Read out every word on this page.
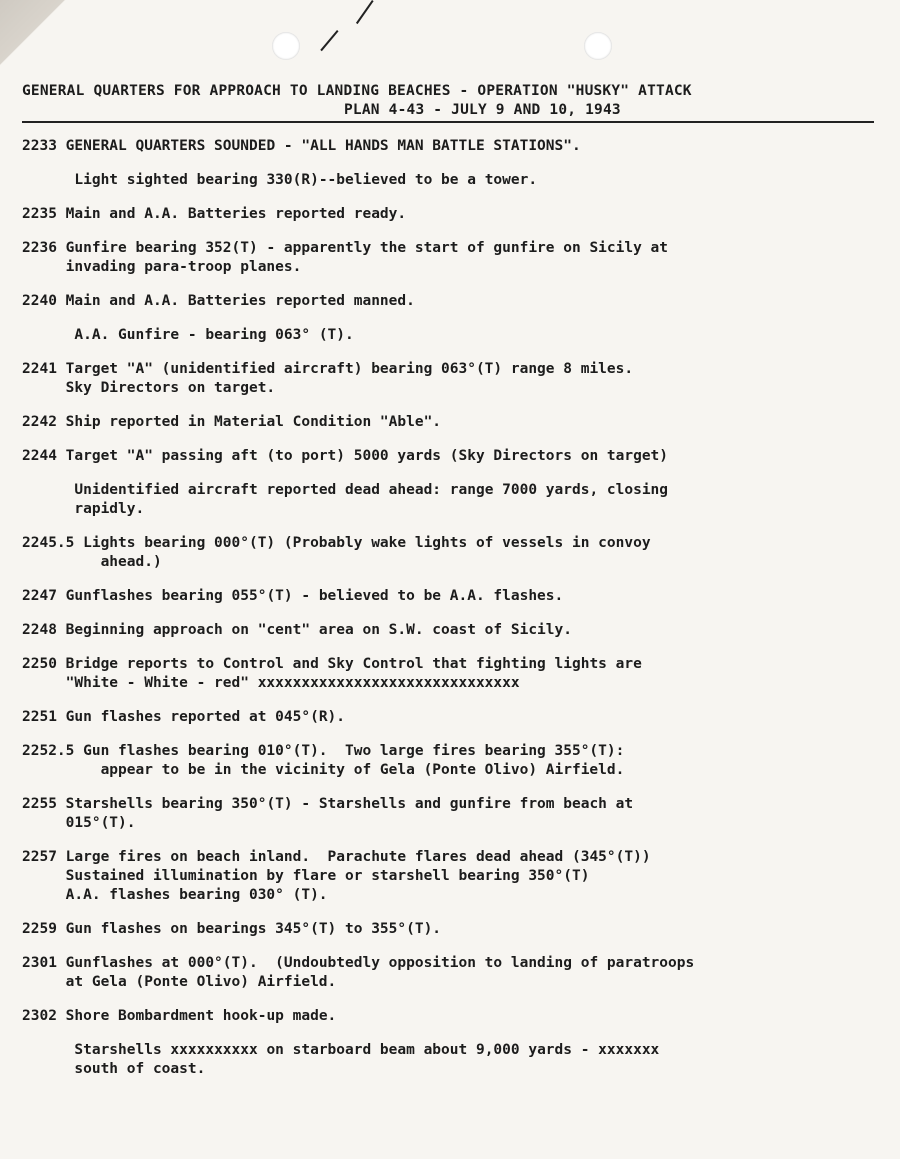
GENERAL QUARTERS FOR APPROACH TO LANDING BEACHES - OPERATION "HUSKY" ATTACK
PLAN 4-43 - JULY 9 AND 10, 1943
2233 GENERAL QUARTERS SOUNDED - "ALL HANDS MAN BATTLE STATIONS".
Light sighted bearing 330(R)--believed to be a tower.
2235 Main and A.A. Batteries reported ready.
2236 Gunfire bearing 352(T) - apparently the start of gunfire on Sicily at
invading para-troop planes.
2240 Main and A.A. Batteries reported manned.
A.A. Gunfire - bearing 063° (T).
2241 Target "A" (unidentified aircraft) bearing 063°(T) range 8 miles.
Sky Directors on target.
2242 Ship reported in Material Condition "Able".
2244 Target "A" passing aft (to port) 5000 yards (Sky Directors on target)
Unidentified aircraft reported dead ahead: range 7000 yards, closing
rapidly.
2245.5 Lights bearing 000°(T) (Probably wake lights of vessels in convoy
ahead.)
2247 Gunflashes bearing 055°(T) - believed to be A.A. flashes.
2248 Beginning approach on "cent" area on S.W. coast of Sicily.
2250 Bridge reports to Control and Sky Control that fighting lights are
"White - White - red" xxxxxxxxxxxxxxxxxxxxxxxxxxxxxx
2251 Gun flashes reported at 045°(R).
2252.5 Gun flashes bearing 010°(T).  Two large fires bearing 355°(T):
appear to be in the vicinity of Gela (Ponte Olivo) Airfield.
2255 Starshells bearing 350°(T) - Starshells and gunfire from beach at
015°(T).
2257 Large fires on beach inland.  Parachute flares dead ahead (345°(T))
Sustained illumination by flare or starshell bearing 350°(T)
A.A. flashes bearing 030° (T).
2259 Gun flashes on bearings 345°(T) to 355°(T).
2301 Gunflashes at 000°(T).  (Undoubtedly opposition to landing of paratroops
at Gela (Ponte Olivo) Airfield.
2302 Shore Bombardment hook-up made.
Starshells xxxxxxxxxx on starboard beam about 9,000 yards - xxxxxxx
south of coast.
